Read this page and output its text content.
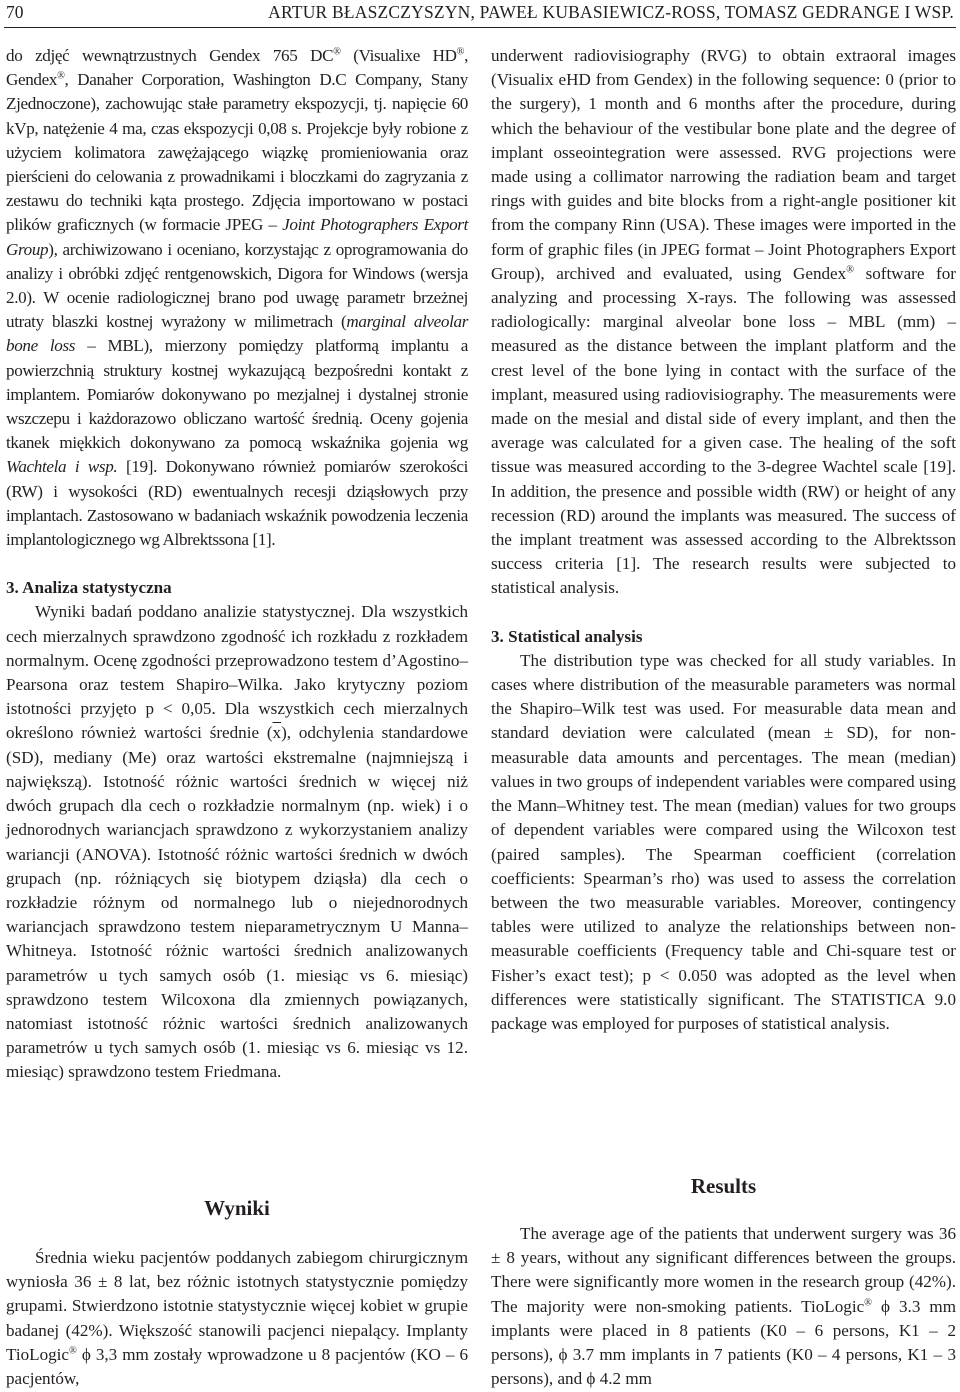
70	ARTUR BŁASZCZYSZYN, PAWEŁ KUBASIEWICZ-ROSS, TOMASZ GEDRANGE I WSP.

do zdjęć wewnątrzustnych Gendex 765 DC® (Visualixe HD®, Gendex®, Danaher Corporation, Washington D.C Company, Stany Zjednoczone), zachowując stałe parametry ekspozycji, tj. napięcie 60 kVp, natężenie 4 ma, czas ekspozycji 0,08 s. Projekcje były robione z użyciem kolimatora zawężającego wiązkę promieniowania oraz pierścieni do celowania z prowadnikami i bloczkami do zagryzania z zestawu do techniki kąta prostego. Zdjęcia importowano w postaci plików graficznych (w formacie JPEG – Joint Photographers Export Group), archiwizowano i oceniano, korzystając z oprogramowania do analizy i obróbki zdjęć rentgenowskich, Digora for Windows (wersja 2.0). W ocenie radiologicznej brano pod uwagę parametr brzeżnej utraty blaszki kostnej wyrażony w milimetrach (marginal alveolar bone loss – MBL), mierzony pomiędzy platformą implantu a powierzchnią struktury kostnej wykazującą bezpośredni kontakt z implantem. Pomiarów dokonywano po mezjalnej i dystalnej stronie wszczepu i każdorazowo obliczano wartość średnią. Oceny gojenia tkanek miękkich dokonywano za pomocą wskaźnika gojenia wg Wachtela i wsp. [19]. Dokonywano również pomiarów szerokości (RW) i wysokości (RD) ewentualnych recesji dziąsłowych przy implantach. Zastosowano w badaniach wskaźnik powodzenia leczenia implantologicznego wg Albrektssona [1].

3. Analiza statystyczna

Wyniki badań poddano analizie statystycznej. Dla wszystkich cech mierzalnych sprawdzono zgodność ich rozkładu z rozkładem normalnym. Ocenę zgodności przeprowadzono testem d’Agostino–Pearsona oraz testem Shapiro–Wilka. Jako krytyczny poziom istotności przyjęto p < 0,05. Dla wszystkich cech mierzalnych określono również wartości średnie $(\overline{x})$, odchylenia standardowe (SD), mediany (Me) oraz wartości ekstremalne (najmniejszą i największą). Istotność różnic wartości średnich w więcej niż dwóch grupach dla cech o rozkładzie normalnym (np. wiek) i o jednorodnych wariancjach sprawdzono z wykorzystaniem analizy wariancji (ANOVA). Istotność różnic wartości średnich w dwóch grupach (np. różniących się biotypem dziąsła) dla cech o rozkładzie różnym od normalnego lub o niejednorodnych wariancjach sprawdzono testem nieparametrycznym U Manna–Whitneya. Istotność różnic wartości średnich analizowanych parametrów u tych samych osób (1. miesiąc vs 6. miesiąc) sprawdzono testem Wilcoxona dla zmiennych powiązanych, natomiast istotność różnic wartości średnich analizowanych parametrów u tych samych osób (1. miesiąc vs 6. miesiąc vs 12. miesiąc) sprawdzono testem Friedmana.

underwent radiovisiography (RVG) to obtain extraoral images (Visualix eHD from Gendex) in the following sequence: 0 (prior to the surgery), 1 month and 6 months after the procedure, during which the behaviour of the vestibular bone plate and the degree of implant osseointegration were assessed. RVG projections were made using a collimator narrowing the radiation beam and target rings with guides and bite blocks from a right-angle positioner kit from the company Rinn (USA). These images were imported in the form of graphic files (in JPEG format – Joint Photographers Export Group), archived and evaluated, using Gendex® software for analyzing and processing X-rays. The following was assessed radiologically: marginal alveolar bone loss – MBL (mm) – measured as the distance between the implant platform and the crest level of the bone lying in contact with the surface of the implant, measured using radiovisiography. The measurements were made on the mesial and distal side of every implant, and then the average was calculated for a given case. The healing of the soft tissue was measured according to the 3-degree Wachtel scale [19]. In addition, the presence and possible width (RW) or height of any recession (RD) around the implants was measured. The success of the implant treatment was assessed according to the Albrektsson success criteria [1]. The research results were subjected to statistical analysis.

3. Statistical analysis

The distribution type was checked for all study variables. In cases where distribution of the measurable parameters was normal the Shapiro–Wilk test was used. For measurable data mean and standard deviation were calculated (mean ± SD), for non-measurable data amounts and percentages. The mean (median) values in two groups of independent variables were compared using the Mann–Whitney test. The mean (median) values for two groups of dependent variables were compared using the Wilcoxon test (paired samples). The Spearman coefficient (correlation coefficients: Spearman’s rho) was used to assess the correlation between the two measurable variables. Moreover, contingency tables were utilized to analyze the relationships between non-measurable coefficients (Frequency table and Chi-square test or Fisher’s exact test); p < 0.050 was adopted as the level when differences were statistically significant. The STATISTICA 9.0 package was employed for purposes of statistical analysis.

Wyniki

Średnia wieku pacjentów poddanych zabiegom chirurgicznym wyniosła 36 ± 8 lat, bez różnic istotnych statystycznie pomiędzy grupami. Stwierdzono istotnie statystycznie więcej kobiet w grupie badanej (42%). Większość stanowili pacjenci niepalący. Implanty TioLogic® ϕ 3,3 mm zostały wprowadzone u 8 pacjentów (KO – 6 pacjentów,

Results

The average age of the patients that underwent surgery was 36 ± 8 years, without any significant differences between the groups. There were significantly more women in the research group (42%). The majority were non-smoking patients. TioLogic® ϕ 3.3 mm implants were placed in 8 patients (K0 – 6 persons, K1 – 2 persons), ϕ 3.7 mm implants in 7 patients (K0 – 4 persons, K1 – 3 persons), and ϕ 4.2 mm
